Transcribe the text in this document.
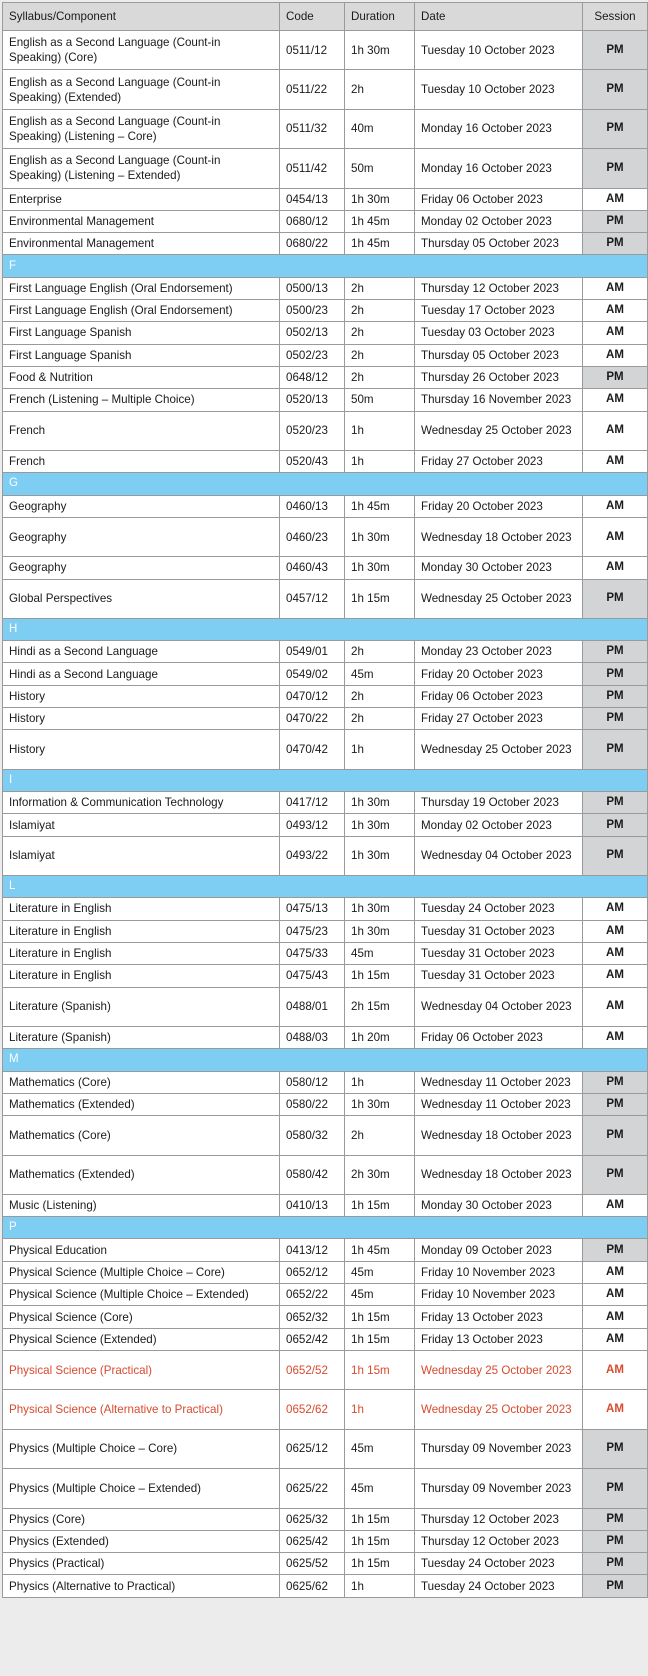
Syllabus/Component	Code	Duration	Date	Session
English as a Second Language (Count-in Speaking) (Core)	0511/12	1h 30m	Tuesday 10 October 2023	PM
English as a Second Language (Count-in Speaking) (Extended)	0511/22	2h	Tuesday 10 October 2023	PM
English as a Second Language (Count-in Speaking) (Listening – Core)	0511/32	40m	Monday 16 October 2023	PM
English as a Second Language (Count-in Speaking) (Listening – Extended)	0511/42	50m	Monday 16 October 2023	PM
Enterprise	0454/13	1h 30m	Friday 06 October 2023	AM
Environmental Management	0680/12	1h 45m	Monday 02 October 2023	PM
Environmental Management	0680/22	1h 45m	Thursday 05 October 2023	PM
F				
First Language English (Oral Endorsement)	0500/13	2h	Thursday 12 October 2023	AM
First Language English (Oral Endorsement)	0500/23	2h	Tuesday 17 October 2023	AM
First Language Spanish	0502/13	2h	Tuesday 03 October 2023	AM
First Language Spanish	0502/23	2h	Thursday 05 October 2023	AM
Food & Nutrition	0648/12	2h	Thursday 26 October 2023	PM
French (Listening – Multiple Choice)	0520/13	50m	Thursday 16 November 2023	AM
French	0520/23	1h	Wednesday 25 October 2023	AM
French	0520/43	1h	Friday 27 October 2023	AM
G				
Geography	0460/13	1h 45m	Friday 20 October 2023	AM
Geography	0460/23	1h 30m	Wednesday 18 October 2023	AM
Geography	0460/43	1h 30m	Monday 30 October 2023	AM
Global Perspectives	0457/12	1h 15m	Wednesday 25 October 2023	PM
H				
Hindi as a Second Language	0549/01	2h	Monday 23 October 2023	PM
Hindi as a Second Language	0549/02	45m	Friday 20 October 2023	PM
History	0470/12	2h	Friday 06 October 2023	PM
History	0470/22	2h	Friday 27 October 2023	PM
History	0470/42	1h	Wednesday 25 October 2023	PM
I				
Information & Communication Technology	0417/12	1h 30m	Thursday 19 October 2023	PM
Islamiyat	0493/12	1h 30m	Monday 02 October 2023	PM
Islamiyat	0493/22	1h 30m	Wednesday 04 October 2023	PM
L				
Literature in English	0475/13	1h 30m	Tuesday 24 October 2023	AM
Literature in English	0475/23	1h 30m	Tuesday 31 October 2023	AM
Literature in English	0475/33	45m	Tuesday 31 October 2023	AM
Literature in English	0475/43	1h 15m	Tuesday 31 October 2023	AM
Literature (Spanish)	0488/01	2h 15m	Wednesday 04 October 2023	AM
Literature (Spanish)	0488/03	1h 20m	Friday 06 October 2023	AM
M				
Mathematics (Core)	0580/12	1h	Wednesday 11 October 2023	PM
Mathematics (Extended)	0580/22	1h 30m	Wednesday 11 October 2023	PM
Mathematics (Core)	0580/32	2h	Wednesday 18 October 2023	PM
Mathematics (Extended)	0580/42	2h 30m	Wednesday 18 October 2023	PM
Music (Listening)	0410/13	1h 15m	Monday 30 October 2023	AM
P				
Physical Education	0413/12	1h 45m	Monday 09 October 2023	PM
Physical Science (Multiple Choice – Core)	0652/12	45m	Friday 10 November 2023	AM
Physical Science (Multiple Choice – Extended)	0652/22	45m	Friday 10 November 2023	AM
Physical Science (Core)	0652/32	1h 15m	Friday 13 October 2023	AM
Physical Science (Extended)	0652/42	1h 15m	Friday 13 October 2023	AM
Physical Science (Practical)	0652/52	1h 15m	Wednesday 25 October 2023	AM
Physical Science (Alternative to Practical)	0652/62	1h	Wednesday 25 October 2023	AM
Physics (Multiple Choice – Core)	0625/12	45m	Thursday 09 November 2023	PM
Physics (Multiple Choice – Extended)	0625/22	45m	Thursday 09 November 2023	PM
Physics (Core)	0625/32	1h 15m	Thursday 12 October 2023	PM
Physics (Extended)	0625/42	1h 15m	Thursday 12 October 2023	PM
Physics (Practical)	0625/52	1h 15m	Tuesday 24 October 2023	PM
Physics (Alternative to Practical)	0625/62	1h	Tuesday 24 October 2023	PM
